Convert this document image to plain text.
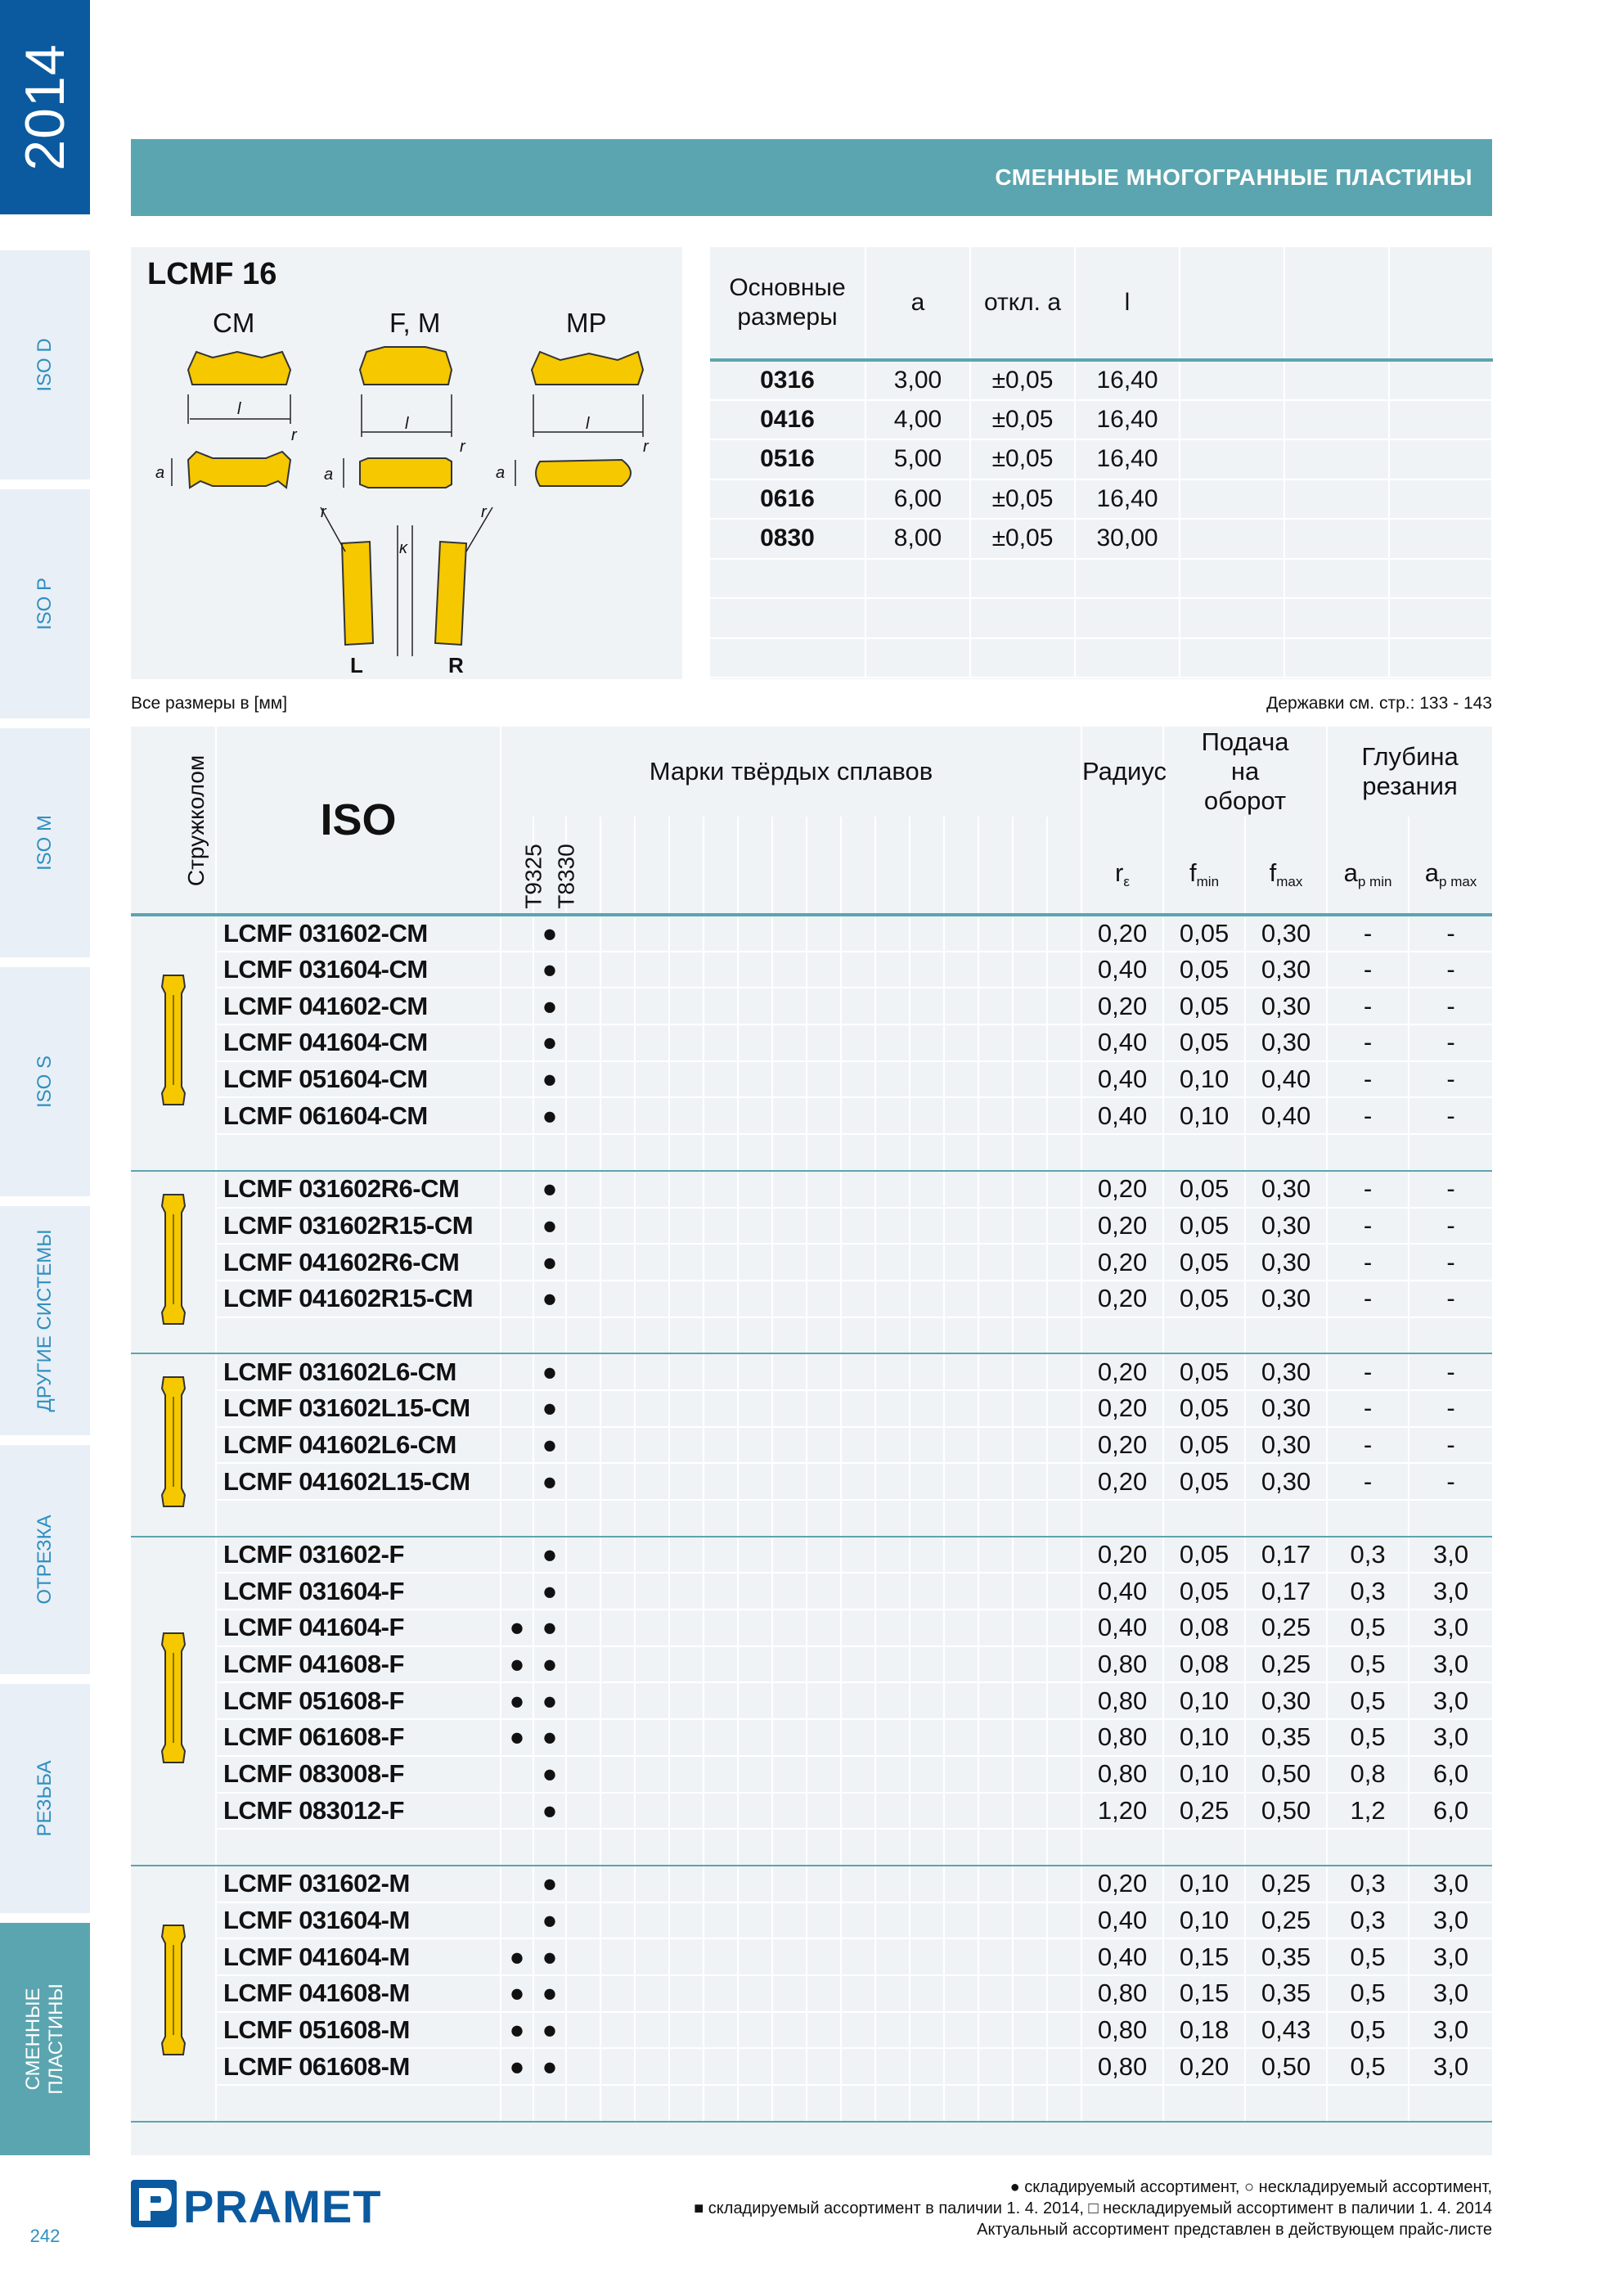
2014
ISO D
ISO P
ISO M
ISO S
ДРУГИЕ СИСТЕМЫ
ОТРЕЗКА
РЕЗЬБА
СМЕННЫЕ ПЛАСТИНЫ
242
СМЕННЫЕ МНОГОГРАННЫЕ ПЛАСТИНЫ
LCMF 16
CM	F, M	MP
l
l	l
a	a	a
r
r	r
r	r
κ
L	R
Основные размеры	a	откл. a	l			
0316	3,00	±0,05	16,40			
0416	4,00	±0,05	16,40			
0516	5,00	±0,05	16,40			
0616	6,00	±0,05	16,40			
0830	8,00	±0,05	30,00			

Все размеры в [мм]	Державки см. стр.: 133 - 143
Стружколом	ISO	Марки твёрдых сплавов																	Радиус	Подача на оборот		Глубина резания	
		T9325	T8330																$r_\varepsilon$	$f_{min}$	$f_{max}$	$a_{p min}$	$a_{p max}$
	LCMF 031602-CM		●																0,20	0,05	0,30	-	-
	LCMF 031604-CM		●																0,40	0,05	0,30	-	-
	LCMF 041602-CM		●																0,20	0,05	0,30	-	-
	LCMF 041604-CM		●																0,40	0,05	0,30	-	-
	LCMF 051604-CM		●																0,40	0,10	0,40	-	-
	LCMF 061604-CM		●																0,40	0,10	0,40	-	-

	LCMF 031602R6-CM		●																0,20	0,05	0,30	-	-
	LCMF 031602R15-CM		●																0,20	0,05	0,30	-	-
	LCMF 041602R6-CM		●																0,20	0,05	0,30	-	-
	LCMF 041602R15-CM		●																0,20	0,05	0,30	-	-

	LCMF 031602L6-CM		●																0,20	0,05	0,30	-	-
	LCMF 031602L15-CM		●																0,20	0,05	0,30	-	-
	LCMF 041602L6-CM		●																0,20	0,05	0,30	-	-
	LCMF 041602L15-CM		●																0,20	0,05	0,30	-	-

	LCMF 031602-F		●																0,20	0,05	0,17	0,3	3,0
	LCMF 031604-F		●																0,40	0,05	0,17	0,3	3,0
	LCMF 041604-F	●	●																0,40	0,08	0,25	0,5	3,0
	LCMF 041608-F	●	●																0,80	0,08	0,25	0,5	3,0
	LCMF 051608-F	●	●																0,80	0,10	0,30	0,5	3,0
	LCMF 061608-F	●	●																0,80	0,10	0,35	0,5	3,0
	LCMF 083008-F		●																0,80	0,10	0,50	0,8	6,0
	LCMF 083012-F		●																1,20	0,25	0,50	1,2	6,0

	LCMF 031602-M		●																0,20	0,10	0,25	0,3	3,0
	LCMF 031604-M		●																0,40	0,10	0,25	0,3	3,0
	LCMF 041604-M	●	●																0,40	0,15	0,35	0,5	3,0
	LCMF 041608-M	●	●																0,80	0,15	0,35	0,5	3,0
	LCMF 051608-M	●	●																0,80	0,18	0,43	0,5	3,0
	LCMF 061608-M	●	●																0,80	0,20	0,50	0,5	3,0

PRAMET	● складируемый ассортимент, ○ нескладируемый ассортимент,
■ складируемый ассортимент в паличии 1. 4. 2014, □ нескладируемый ассортимент в паличии 1. 4. 2014
Актуальный ассортимент представлен в действующем прайс-листе
